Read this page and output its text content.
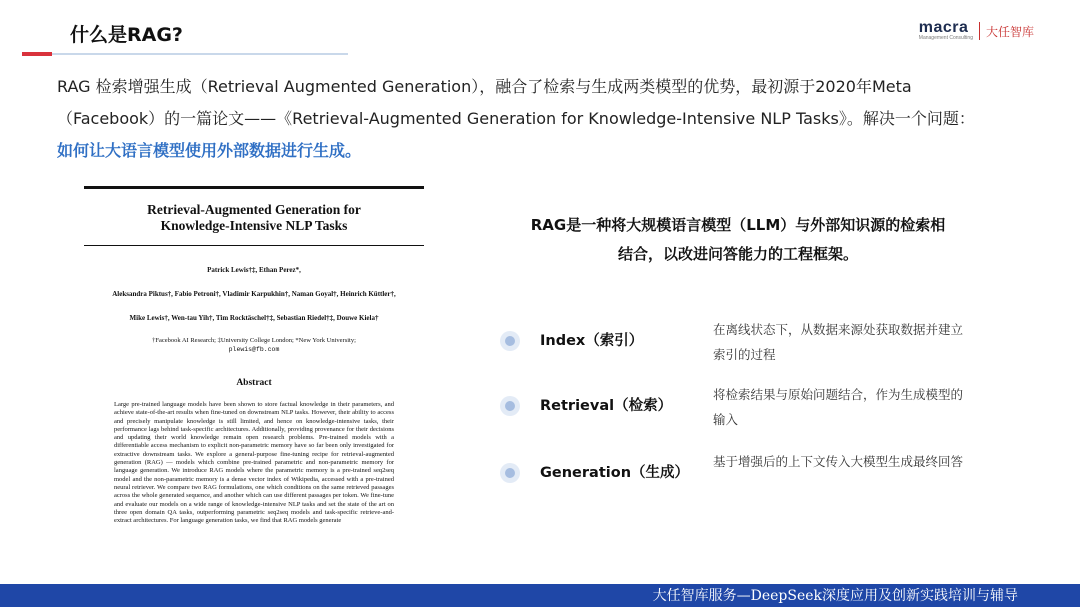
什么是RAG?	macra
Management Consulting 大任智库
RAG 检索增强生成（Retrieval Augmented Generation），融合了检索与生成两类模型的优势，最初源于2020年Meta
（Facebook）的一篇论文——《Retrieval-Augmented Generation for Knowledge-Intensive NLP Tasks》。解决一个问题：
如何让大语言模型使用外部数据进行生成。
Retrieval-Augmented Generation for
Knowledge-Intensive NLP Tasks
Patrick Lewis†‡, Ethan Perez*,
Aleksandra Piktus†, Fabio Petroni†, Vladimir Karpukhin†, Naman Goyal†, Heinrich Küttler†,
Mike Lewis†, Wen-tau Yih†, Tim Rocktäschel†‡, Sebastian Riedel†‡, Douwe Kiela†
†Facebook AI Research; ‡University College London; *New York University;
plewis@fb.com
Abstract
Large pre-trained language models have been shown to store factual knowledge in their parameters, and achieve state-of-the-art results when fine-tuned on downstream NLP tasks. However, their ability to access and precisely manipulate knowledge is still limited, and hence on knowledge-intensive tasks, their performance lags behind task-specific architectures. Additionally, providing provenance for their decisions and updating their world knowledge remain open research problems. Pre-trained models with a differentiable access mechanism to explicit non-parametric memory have so far been only investigated for extractive downstream tasks. We explore a general-purpose fine-tuning recipe for retrieval-augmented generation (RAG) — models which combine pre-trained parametric and non-parametric memory for language generation. We introduce RAG models where the parametric memory is a pre-trained seq2seq model and the non-parametric memory is a dense vector index of Wikipedia, accessed with a pre-trained neural retriever. We compare two RAG formulations, one which conditions on the same retrieved passages across the whole generated sequence, and another which can use different passages per token. We fine-tune and evaluate our models on a wide range of knowledge-intensive NLP tasks and set the state of the art on three open domain QA tasks, outperforming parametric seq2seq models and task-specific retrieve-and-extract architectures. For language generation tasks, we find that RAG models generate
RAG是一种将大规模语言模型（LLM）与外部知识源的检索相
结合，以改进问答能力的工程框架。
Index（索引）
在离线状态下，从数据来源处获取数据并建立索引的过程
Retrieval（检索）
将检索结果与原始问题结合，作为生成模型的输入
Generation（生成）
基于增强后的上下文传入大模型生成最终回答
大任智库服务—DeepSeek深度应用及创新实践培训与辅导
